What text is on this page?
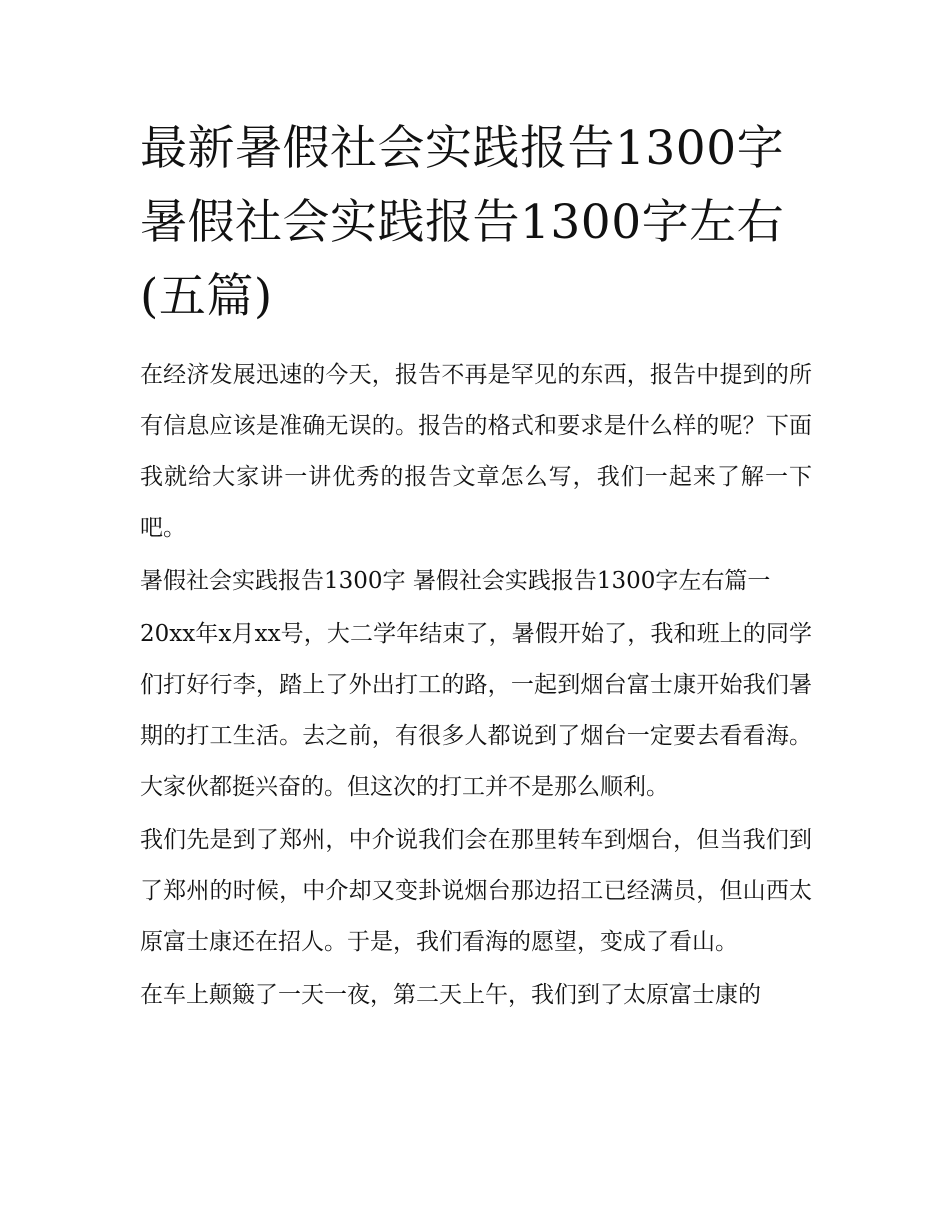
最新暑假社会实践报告1300字 暑假社会实践报告1300字左右(五篇)

在经济发展迅速的今天，报告不再是罕见的东西，报告中提到的所有信息应该是准确无误的。报告的格式和要求是什么样的呢？下面我就给大家讲一讲优秀的报告文章怎么写，我们一起来了解一下吧。

暑假社会实践报告1300字 暑假社会实践报告1300字左右篇一

20xx年x月xx号，大二学年结束了，暑假开始了，我和班上的同学们打好行李，踏上了外出打工的路，一起到烟台富士康开始我们暑期的打工生活。去之前，有很多人都说到了烟台一定要去看看海。大家伙都挺兴奋的。但这次的打工并不是那么顺利。

我们先是到了郑州，中介说我们会在那里转车到烟台，但当我们到了郑州的时候，中介却又变卦说烟台那边招工已经满员，但山西太原富士康还在招人。于是，我们看海的愿望，变成了看山。

在车上颠簸了一天一夜，第二天上午，我们到了太原富士康的
